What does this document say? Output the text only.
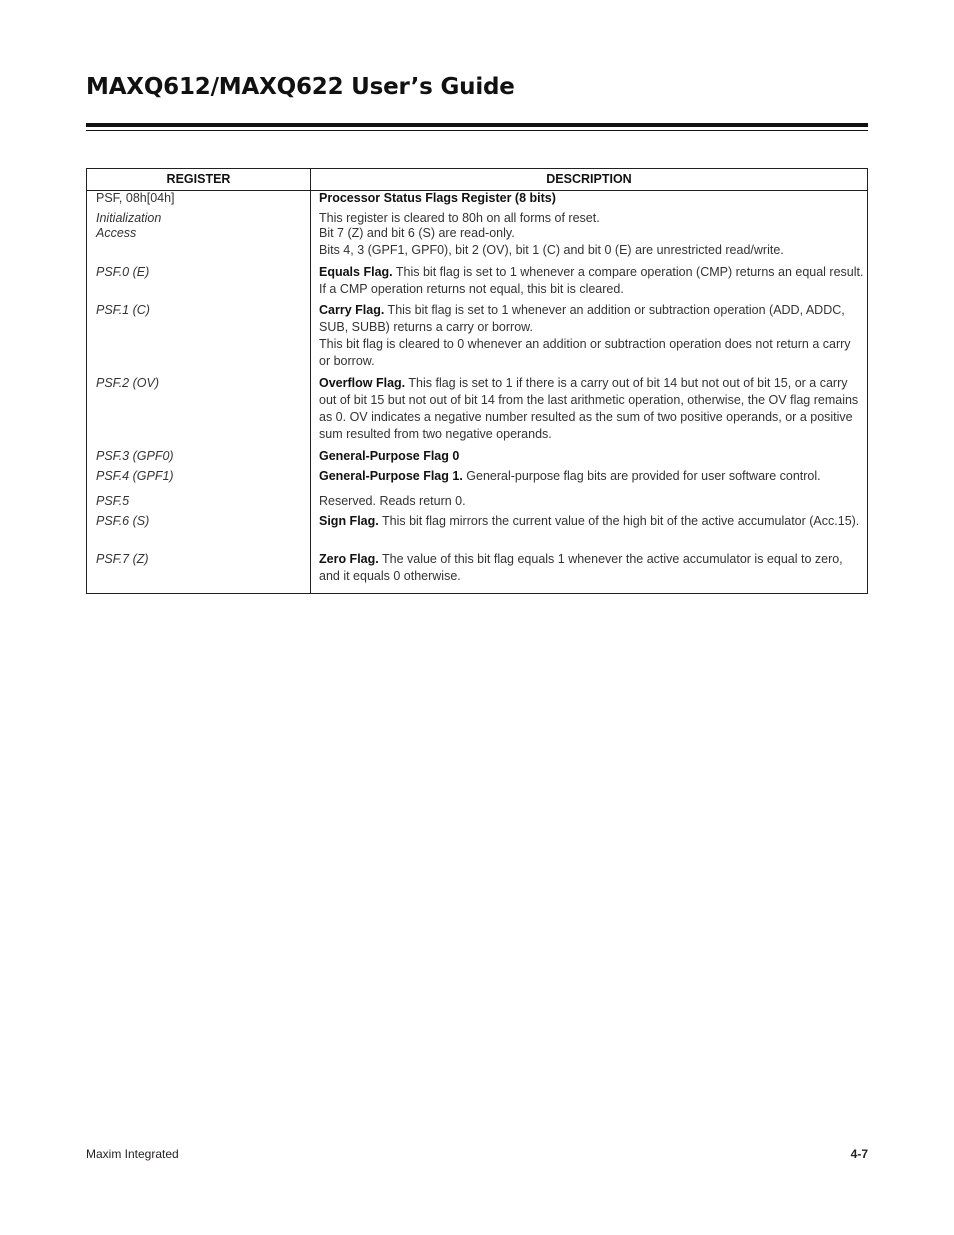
MAXQ612/MAXQ622 User’s Guide
REGISTER	DESCRIPTION
PSF, 08h[04h]	Processor Status Flags Register (8 bits)
Initialization	This register is cleared to 80h on all forms of reset.
Access	Bit 7 (Z) and bit 6 (S) are read-only.
Bits 4, 3 (GPF1, GPF0), bit 2 (OV), bit 1 (C) and bit 0 (E) are unrestricted read/write.
PSF.0 (E)	Equals Flag. This bit flag is set to 1 whenever a compare operation (CMP) returns an equal result. If a CMP operation returns not equal, this bit is cleared.
PSF.1 (C)	Carry Flag. This bit flag is set to 1 whenever an addition or subtraction operation (ADD, ADDC, SUB, SUBB) returns a carry or borrow.
This bit flag is cleared to 0 whenever an addition or subtraction operation does not return a carry or borrow.
PSF.2 (OV)	Overflow Flag. This flag is set to 1 if there is a carry out of bit 14 but not out of bit 15, or a carry out of bit 15 but not out of bit 14 from the last arithmetic operation, otherwise, the OV flag remains as 0. OV indicates a negative number resulted as the sum of two positive operands, or a positive sum resulted from two negative operands.
PSF.3 (GPF0)	General-Purpose Flag 0
PSF.4 (GPF1)	General-Purpose Flag 1. General-purpose flag bits are provided for user software control.
PSF.5	Reserved. Reads return 0.
PSF.6 (S)	Sign Flag. This bit flag mirrors the current value of the high bit of the active accumulator (Acc.15).
PSF.7 (Z)	Zero Flag. The value of this bit flag equals 1 whenever the active accumulator is equal to zero, and it equals 0 otherwise.
Maxim Integrated	4-7
